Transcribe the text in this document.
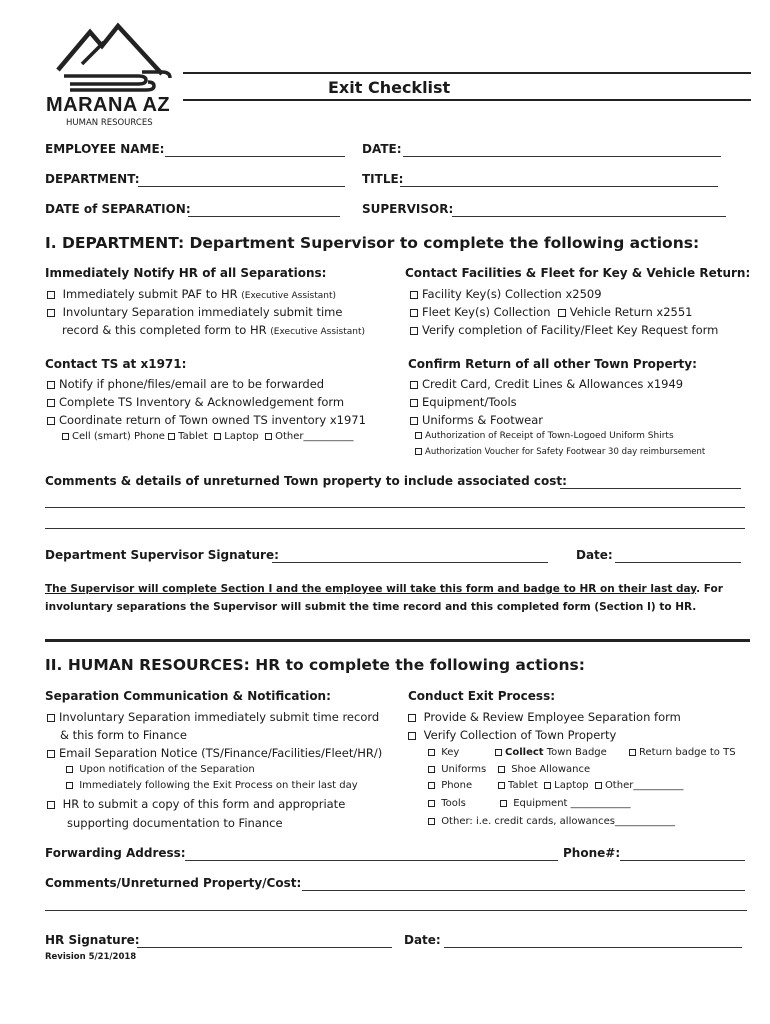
MARANA AZ
HUMAN RESOURCES
Exit Checklist
EMPLOYEE NAME:	DATE:
DEPARTMENT:	TITLE:
DATE of SEPARATION:	SUPERVISOR:
I. DEPARTMENT: Department Supervisor to complete the following actions:
Immediately Notify HR of all Separations:
Immediately submit PAF to HR (Executive Assistant)
Involuntary Separation immediately submit time
record & this completed form to HR (Executive Assistant)
Contact Facilities & Fleet for Key & Vehicle Return:
Facility Key(s) Collection x2509
Fleet Key(s) Collection Vehicle Return x2551
Verify completion of Facility/Fleet Key Request form
Contact TS at x1971:
Notify if phone/files/email are to be forwarded
Complete TS Inventory & Acknowledgement form
Coordinate return of Town owned TS inventory x1971
Cell (smart) Phone Tablet Laptop Other__________
Confirm Return of all other Town Property:
Credit Card, Credit Lines & Allowances x1949
Equipment/Tools
Uniforms & Footwear
Authorization of Receipt of Town-Logoed Uniform Shirts
Authorization Voucher for Safety Footwear 30 day reimbursement
Comments & details of unreturned Town property to include associated cost:
Department Supervisor Signature:	Date:
The Supervisor will complete Section I and the employee will take this form and badge to HR on their last day. For
involuntary separations the Supervisor will submit the time record and this completed form (Section I) to HR.
II. HUMAN RESOURCES: HR to complete the following actions:
Separation Communication & Notification:
Involuntary Separation immediately submit time record
& this form to Finance
Email Separation Notice (TS/Finance/Facilities/Fleet/HR/)
Upon notification of the Separation
Immediately following the Exit Process on their last day
HR to submit a copy of this form and appropriate
supporting documentation to Finance
Conduct Exit Process:
Provide & Review Employee Separation form
Verify Collection of Town Property
Key	Collect Town Badge	Return badge to TS
Uniforms	Shoe Allowance
Phone	Tablet Laptop Other__________
Tools	Equipment ____________
Other: i.e. credit cards, allowances____________
Forwarding Address:	Phone#:
Comments/Unreturned Property/Cost:
HR Signature:	Date:
Revision 5/21/2018
